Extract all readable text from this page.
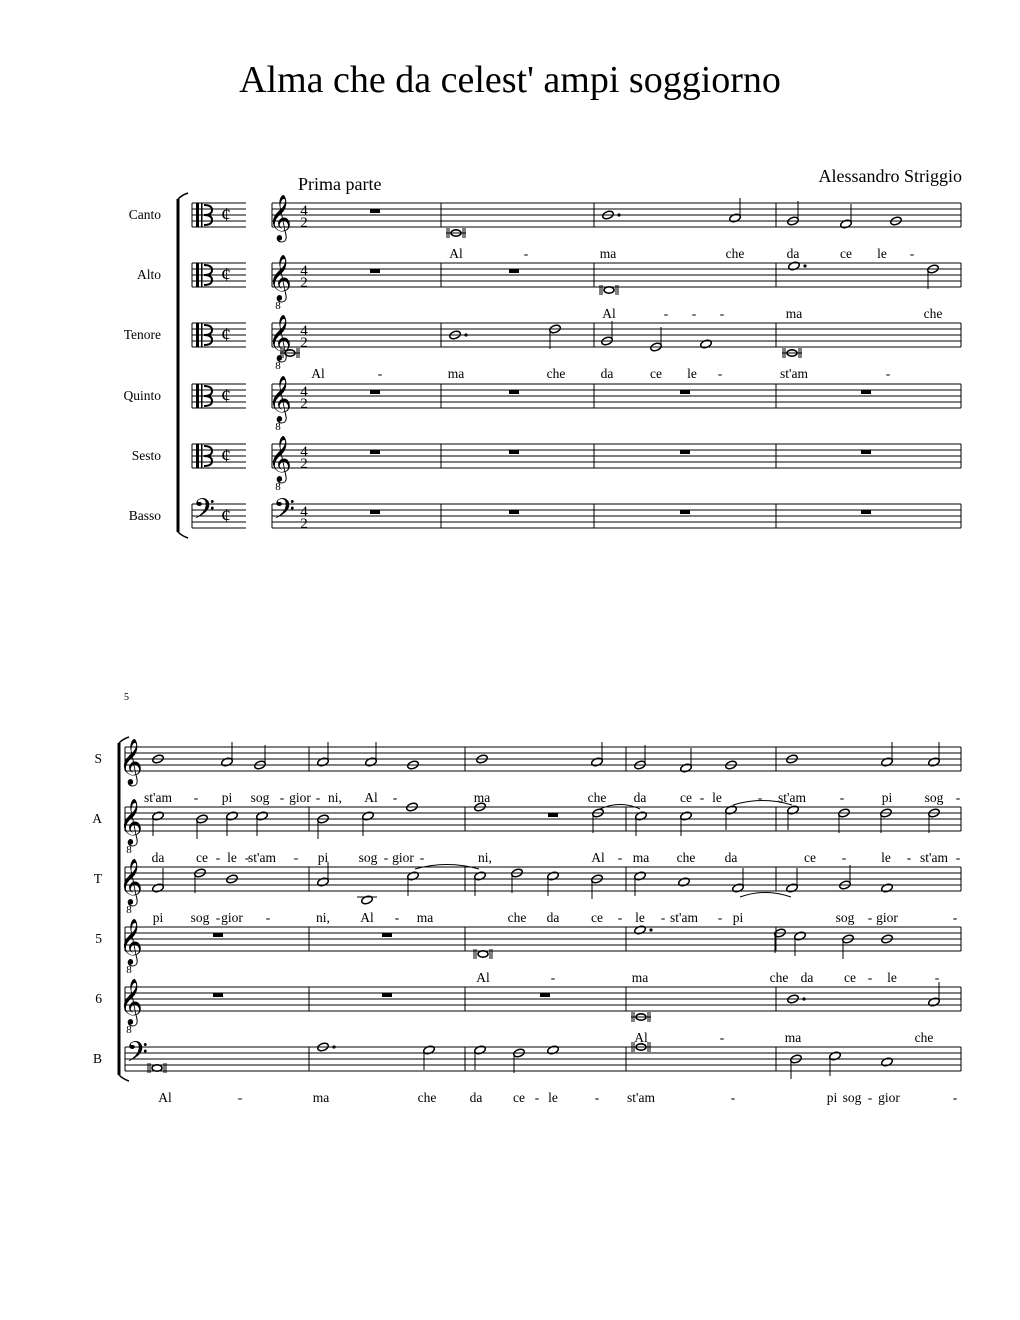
Alma che da celest' ampi soggiorno
Alessandro Striggio
Prima parte
¢ 𝄞 4
2
¢ 𝄞
8
4
2
¢ 𝄞
8
4
2
¢ 𝄞
8
4
2
¢ 𝄞
8
4
2
𝄢 ¢ 𝄢 4
2
𝄞
𝄞
8
𝄞
8
𝄞
8
𝄞
8
𝄢
Canto
Alto
Tenore
Quinto
Sesto
Basso
Al	-	ma	che	da	ce le -
Al	- - -	ma	che
Al	-	ma	che	da	ce le -	st'am	-
5
S
A
T
5
6
B
st'am - pi sog - gior - ni, Al -	ma	che da ce - le	- st'am	-	pi sog -
da ce - le -
st'am - pi sog - gior -	ni,	Al - ma che da	ce -	le - st'am -
pi sog - gior -	ni, Al - ma	che da ce - le - st'am - pi	sog - gior	-
Al	-	ma	che da ce - le	-
Al	-	ma	che
Al	-	ma	che da ce - le	- st'am	-	pi sog - gior	-
